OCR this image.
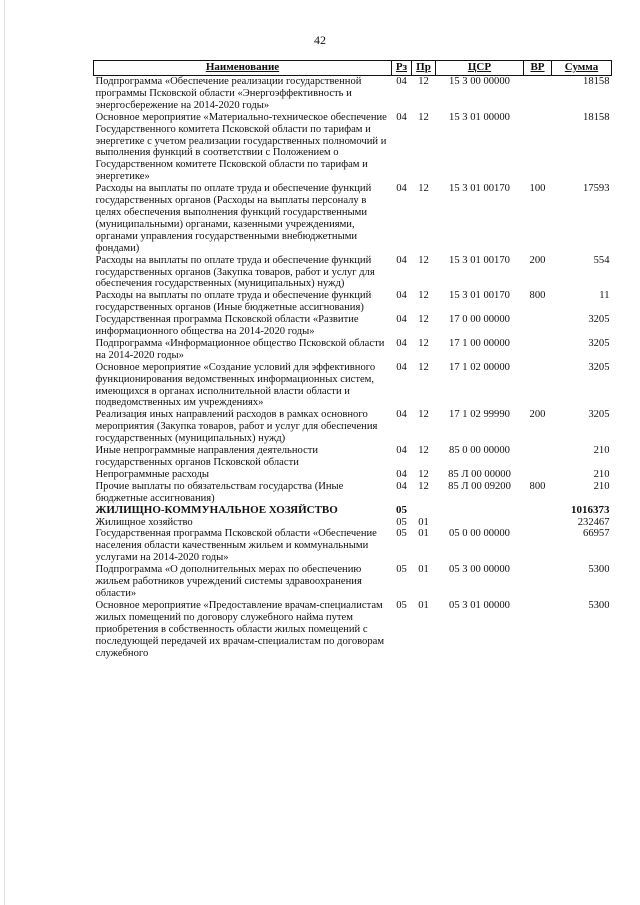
42
Наименование	Рз	Пр	ЦСР	ВР	Сумма
Подпрограмма «Обеспечение реализации государственной программы Псковской области «Энергоэффективность и энергосбережение на 2014-2020 годы»	04	12	15 3 00 00000		18158
Основное мероприятие «Материально-техническое обеспечение Государственного комитета Псковской области по тарифам и энергетике с учетом реализации государственных полномочий и выполнения функций в соответствии с Положением о Государственном комитете Псковской области по тарифам и энергетике»	04	12	15 3 01 00000		18158
Расходы на выплаты по оплате труда и обеспечение функций государственных органов (Расходы на выплаты персоналу в целях обеспечения выполнения функций государственными (муниципальными) органами, казенными учреждениями, органами управления государственными внебюджетными фондами)	04	12	15 3 01 00170	100	17593
Расходы на выплаты по оплате труда и обеспечение функций государственных органов (Закупка товаров, работ и услуг для обеспечения государственных (муниципальных) нужд)	04	12	15 3 01 00170	200	554
Расходы на выплаты по оплате труда и обеспечение функций государственных органов (Иные бюджетные ассигнования)	04	12	15 3 01 00170	800	11
Государственная программа Псковской области «Развитие информационного общества на 2014-2020 годы»	04	12	17 0 00 00000		3205
Подпрограмма «Информационное общество Псковской области на 2014-2020 годы»	04	12	17 1 00 00000		3205
Основное мероприятие «Создание условий для эффективного функционирования ведомственных информационных систем, имеющихся в органах исполнительной власти области и подведомственных им учреждениях»	04	12	17 1 02 00000		3205
Реализация иных направлений расходов в рамках основного мероприятия (Закупка товаров, работ и услуг для обеспечения государственных (муниципальных) нужд)	04	12	17 1 02 99990	200	3205
Иные непрограммные направления деятельности государственных органов Псковской области	04	12	85 0 00 00000		210
Непрограммные расходы	04	12	85 Л 00 00000		210
Прочие выплаты по обязательствам государства (Иные бюджетные ассигнования)	04	12	85 Л 00 09200	800	210
ЖИЛИЩНО-КОММУНАЛЬНОЕ ХОЗЯЙСТВО	05				1016373
Жилищное хозяйство	05	01			232467
Государственная программа Псковской области «Обеспечение населения области качественным жильем и коммунальными услугами на 2014-2020 годы»	05	01	05 0 00 00000		66957
Подпрограмма «О дополнительных мерах по обеспечению жильем работников учреждений системы здравоохранения области»	05	01	05 3 00 00000		5300
Основное мероприятие «Предоставление врачам-специалистам жилых помещений по договору служебного найма путем приобретения в собственность области жилых помещений с последующей передачей их врачам-специалистам по договорам служебного	05	01	05 3 01 00000		5300
